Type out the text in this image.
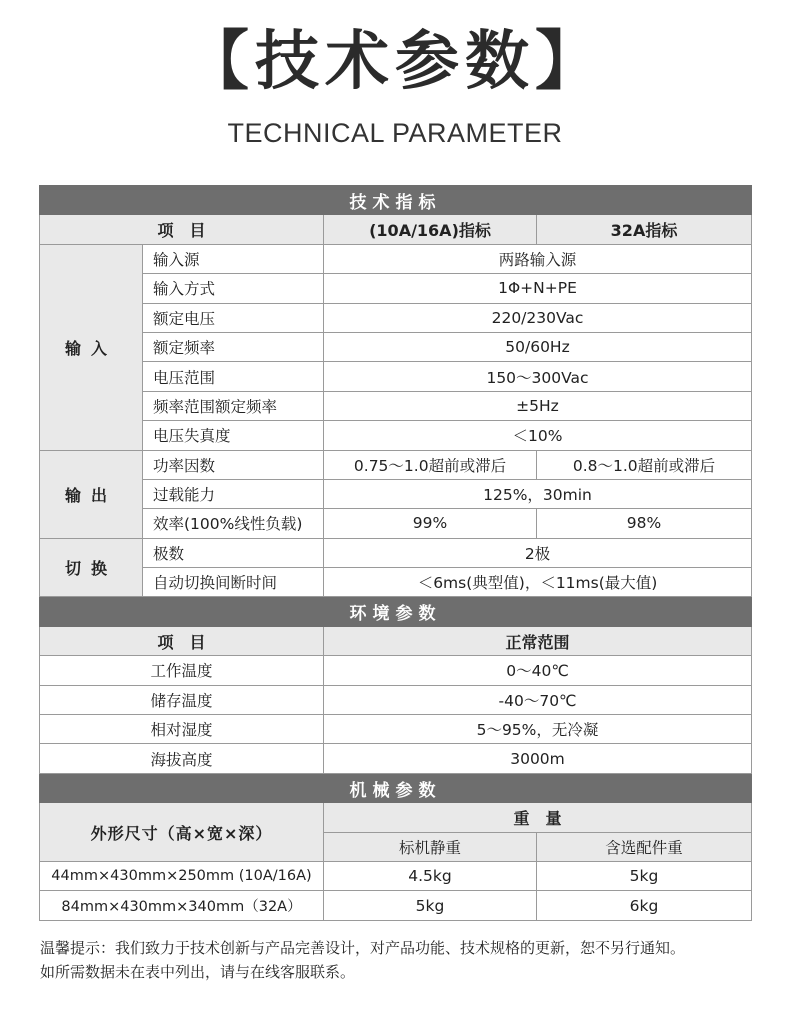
【技术参数】
TECHNICAL PARAMETER
技术指标			
项　目		(10A/16A)指标	32A指标
输入	输入源	两路输入源	
	输入方式	1Φ+N+PE	
	额定电压	220/230Vac	
	额定频率	50/60Hz	
	电压范围	150～300Vac	
	频率范围额定频率	±5Hz	
	电压失真度	＜10%	
输出	功率因数	0.75～1.0超前或滞后	0.8～1.0超前或滞后
	过载能力	125%，30min	
	效率(100%线性负载)	99%	98%
切换	极数	2极	
	自动切换间断时间	＜6ms(典型值)，＜11ms(最大值)	
环境参数			
项　目		正常范围	
工作温度		0～40℃	
储存温度		-40～70℃	
相对湿度		5～95%，无冷凝	
海拔高度		3000m	
机械参数			
外形尺寸（高×宽×深）		重　量	
		标机静重	含选配件重
44mm×430mm×250mm (10A/16A)		4.5kg	5kg
84mm×430mm×340mm（32A）		5kg	6kg
温馨提示：我们致力于技术创新与产品完善设计，对产品功能、技术规格的更新，恕不另行通知。
如所需数据未在表中列出，请与在线客服联系。
